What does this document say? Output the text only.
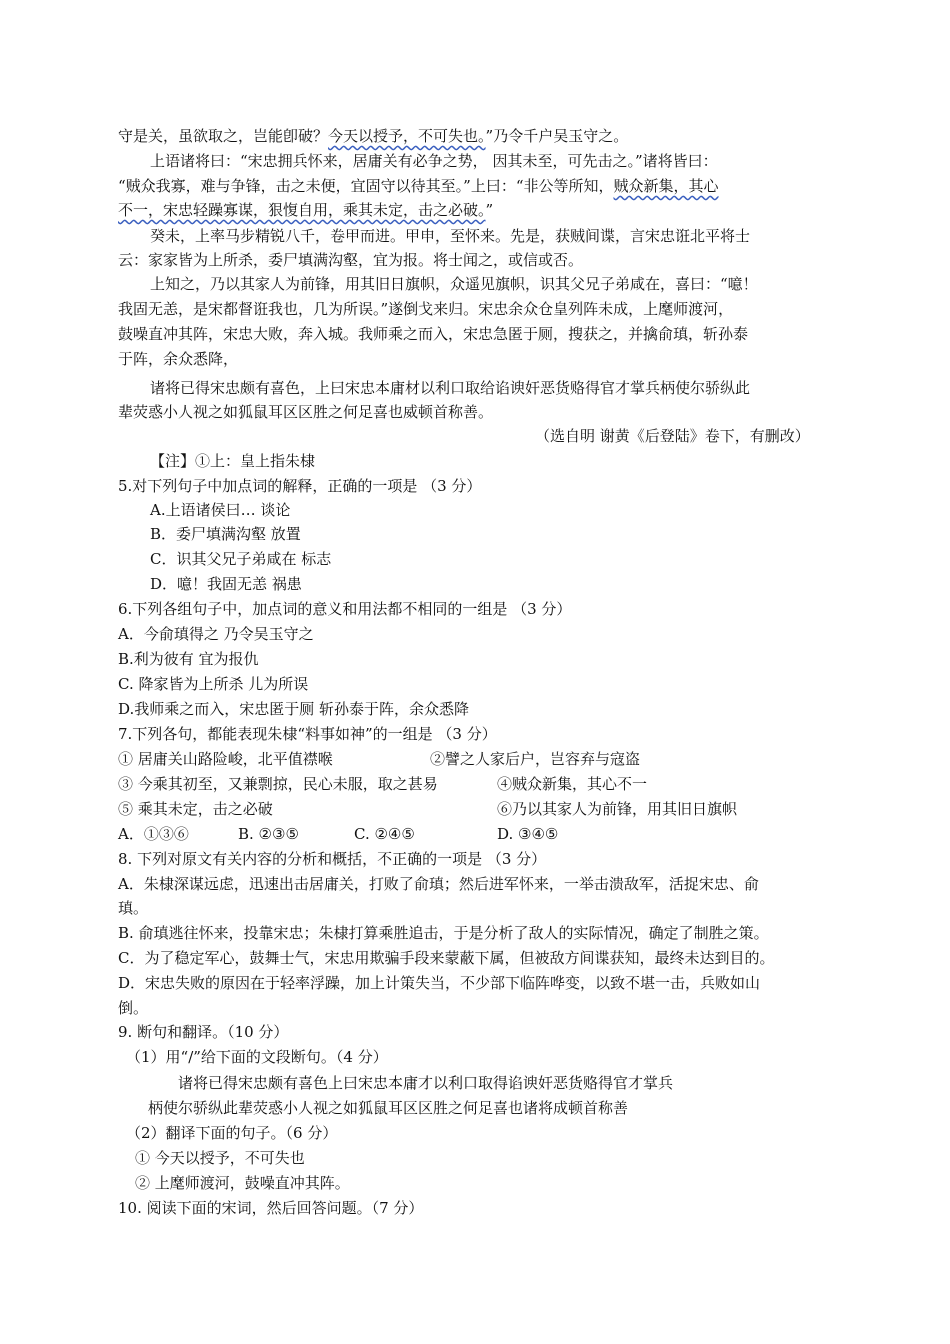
守是关，虽欲取之，岂能卽破？今天以授予，不可失也。”乃令千户吴玉守之。
上语诸将曰：“宋忠拥兵怀来，居庸关有必争之势， 因其未至，可先击之。”诸将皆曰：
“贼众我寡，难与争锋，击之未便，宜固守以待其至。”上曰：“非公等所知，贼众新集，其心
不一，宋忠轻躁寡谋，狠愎自用，乘其未定，击之必破。”
癸未，上率马步精锐八千，卷甲而进。甲申，至怀来。先是，获贼间谍，言宋忠诳北平将士
云：家家皆为上所杀，委尸填满沟壑，宜为报。将士闻之，或信或否。
上知之，乃以其家人为前锋，用其旧日旗帜，众遥见旗帜，识其父兄子弟咸在，喜曰：“噫！
我固无恙，是宋都督诳我也，几为所误。”遂倒戈来归。宋忠余众仓皇列阵未成，上麾师渡河，
鼓噪直冲其阵，宋忠大败，奔入城。我师乘之而入，宋忠急匿于厕，搜获之，并擒俞瑱，斩孙泰
于阵，余众悉降，
诸将已得宋忠颇有喜色，上曰宋忠本庸材以利口取给谄谀奸恶货赂得官才掌兵柄使尔骄纵此
辈荧惑小人视之如狐鼠耳区区胜之何足喜也威顿首称善。
（选自明 谢黄《后登陆》卷下，有删改）
【注】①上：皇上指朱棣
5.对下列句子中加点词的解释，正确的一项是 （3 分）
A.上语诸侯曰… 谈论
B．委尸填满沟壑 放置
C．识其父兄子弟咸在 标志
D．噫！我固无恙 祸患
6.下列各组句子中，加点词的意义和用法都不相同的一组是 （3 分）
A．今俞瑱得之 乃令吴玉守之
B.利为彼有 宜为报仇
C. 降家皆为上所杀 儿为所误
D.我师乘之而入，宋忠匿于厕 斩孙泰于阵，余众悉降
7.下列各句，都能表现朱棣“料事如神”的一组是 （3 分）
① 居庸关山路险峻，北平值襟喉	②譬之人家后户，岂容弃与寇盗
③ 今乘其初至，又兼剽掠，民心未服，取之甚易	④贼众新集，其心不一
⑤ 乘其未定，击之必破	⑥乃以其家人为前锋，用其旧日旗帜
A．①③⑥	B. ②③⑤	C. ②④⑤	D. ③④⑤
8. 下列对原文有关内容的分析和概括，不正确的一项是 （3 分）
A．朱棣深谋远虑，迅速出击居庸关，打败了俞瑱；然后进军怀来，一举击溃敌军，活捉宋忠、俞
瑱。
B. 俞瑱逃往怀来，投靠宋忠；朱棣打算乘胜追击，于是分析了敌人的实际情况，确定了制胜之策。
C．为了稳定军心，鼓舞士气，宋忠用欺骗手段来蒙蔽下属，但被敌方间谍获知，最终未达到目的。
D．宋忠失败的原因在于轻率浮躁，加上计策失当，不少部下临阵哗变，以致不堪一击，兵败如山
倒。
9. 断句和翻译。（10 分）
（1）用“/”给下面的文段断句。（4 分）
诸将已得宋忠颇有喜色上曰宋忠本庸才以利口取得谄谀奸恶货赂得官才掌兵
柄使尔骄纵此辈荧惑小人视之如狐鼠耳区区胜之何足喜也诸将成顿首称善
（2）翻译下面的句子。（6 分）
① 今天以授予，不可失也
② 上麾师渡河，鼓噪直冲其阵。
10. 阅读下面的宋词，然后回答问题。（7 分）
